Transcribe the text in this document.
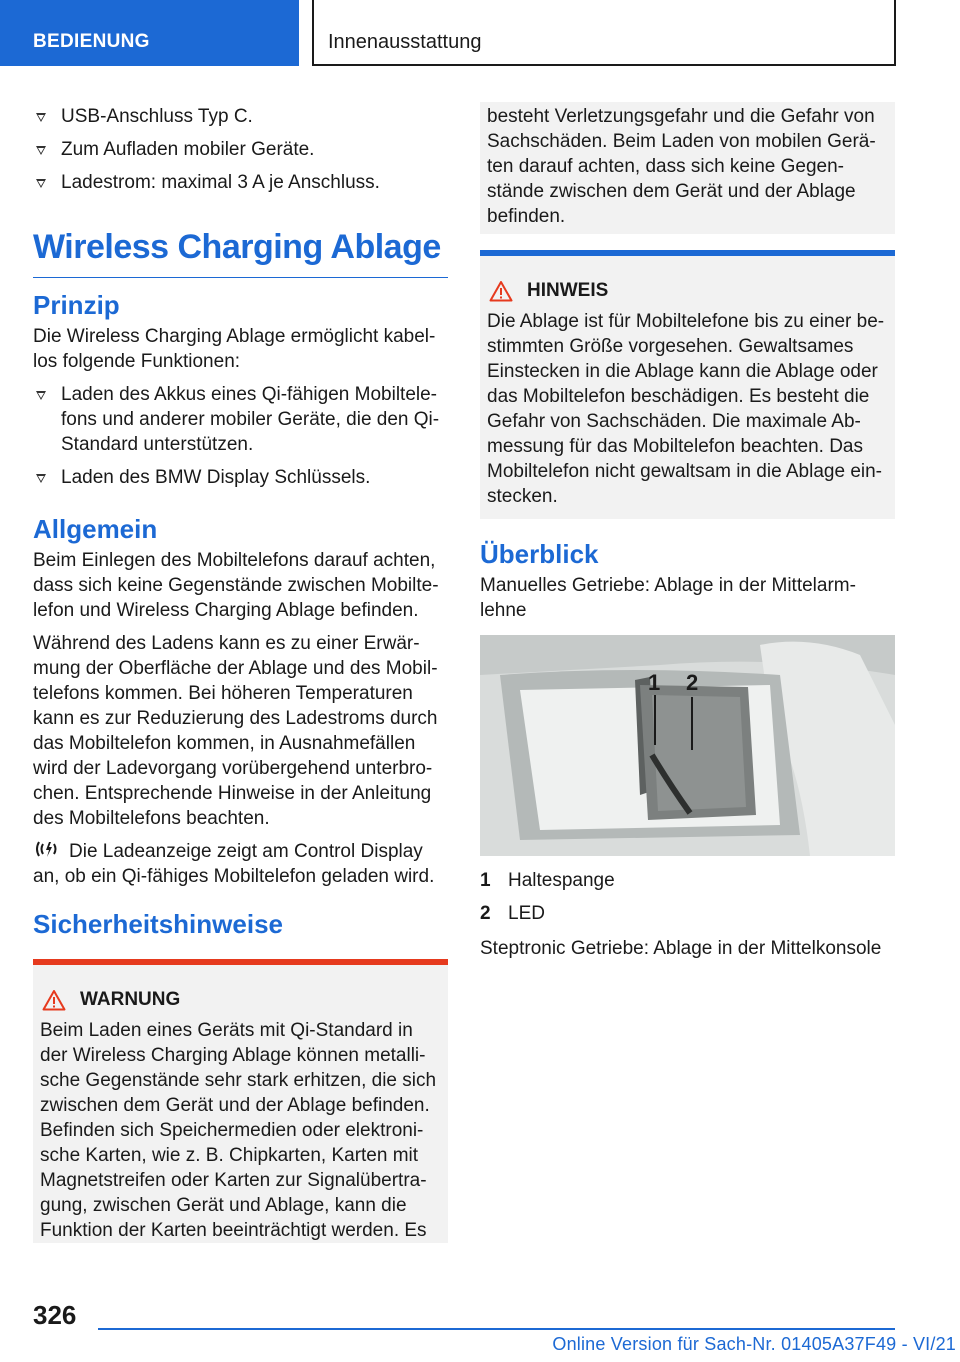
BEDIENUNG	Innenausstattung
USB-Anschluss Typ C.
Zum Aufladen mobiler Geräte.
Ladestrom: maximal 3 A je Anschluss.
Wireless Charging Ablage
Prinzip

Die Wireless Charging Ablage ermöglicht kabel-los folgende Funktionen:

Laden des Akkus eines Qi-fähigen Mobiltele-fons und anderer mobiler Geräte, die den Qi-Standard unterstützen.
Laden des BMW Display Schlüssels.
Allgemein

Beim Einlegen des Mobiltelefons darauf achten, dass sich keine Gegenstände zwischen Mobilte-lefon und Wireless Charging Ablage befinden.

Während des Ladens kann es zu einer Erwär-mung der Oberfläche der Ablage und des Mobil-telefons kommen. Bei höheren Temperaturen kann es zur Reduzierung des Ladestroms durch das Mobiltelefon kommen, in Ausnahmefällen wird der Ladevorgang vorübergehend unterbro-chen. Entsprechende Hinweise in der Anleitung des Mobiltelefons beachten.

Die Ladeanzeige zeigt am Control Display an, ob ein Qi-fähiges Mobiltelefon geladen wird.

Sicherheitshinweise
WARNUNG
Beim Laden eines Geräts mit Qi-Standard in der Wireless Charging Ablage können metalli-sche Gegenstände sehr stark erhitzen, die sich zwischen dem Gerät und der Ablage befinden. Befinden sich Speichermedien oder elektroni-sche Karten, wie z. B. Chipkarten, Karten mit Magnetstreifen oder Karten zur Signalübertra-gung, zwischen Gerät und Ablage, kann die Funktion der Karten beeinträchtigt werden. Es
besteht Verletzungsgefahr und die Gefahr von Sachschäden. Beim Laden von mobilen Gerä-ten darauf achten, dass sich keine Gegen-stände zwischen dem Gerät und der Ablage befinden.
HINWEIS
Die Ablage ist für Mobiltelefone bis zu einer be-stimmten Größe vorgesehen. Gewaltsames Einstecken in die Ablage kann die Ablage oder das Mobiltelefon beschädigen. Es besteht die Gefahr von Sachschäden. Die maximale Ab-messung für das Mobiltelefon beachten. Das Mobiltelefon nicht gewaltsam in die Ablage ein-stecken.
Überblick

Manuelles Getriebe: Ablage in der Mittelarm-lehne

1 2
1 Haltespange
2 LED

Steptronic Getriebe: Ablage in der Mittelkonsole

326
Online Version für Sach-Nr. 01405A37F49 - VI/21
